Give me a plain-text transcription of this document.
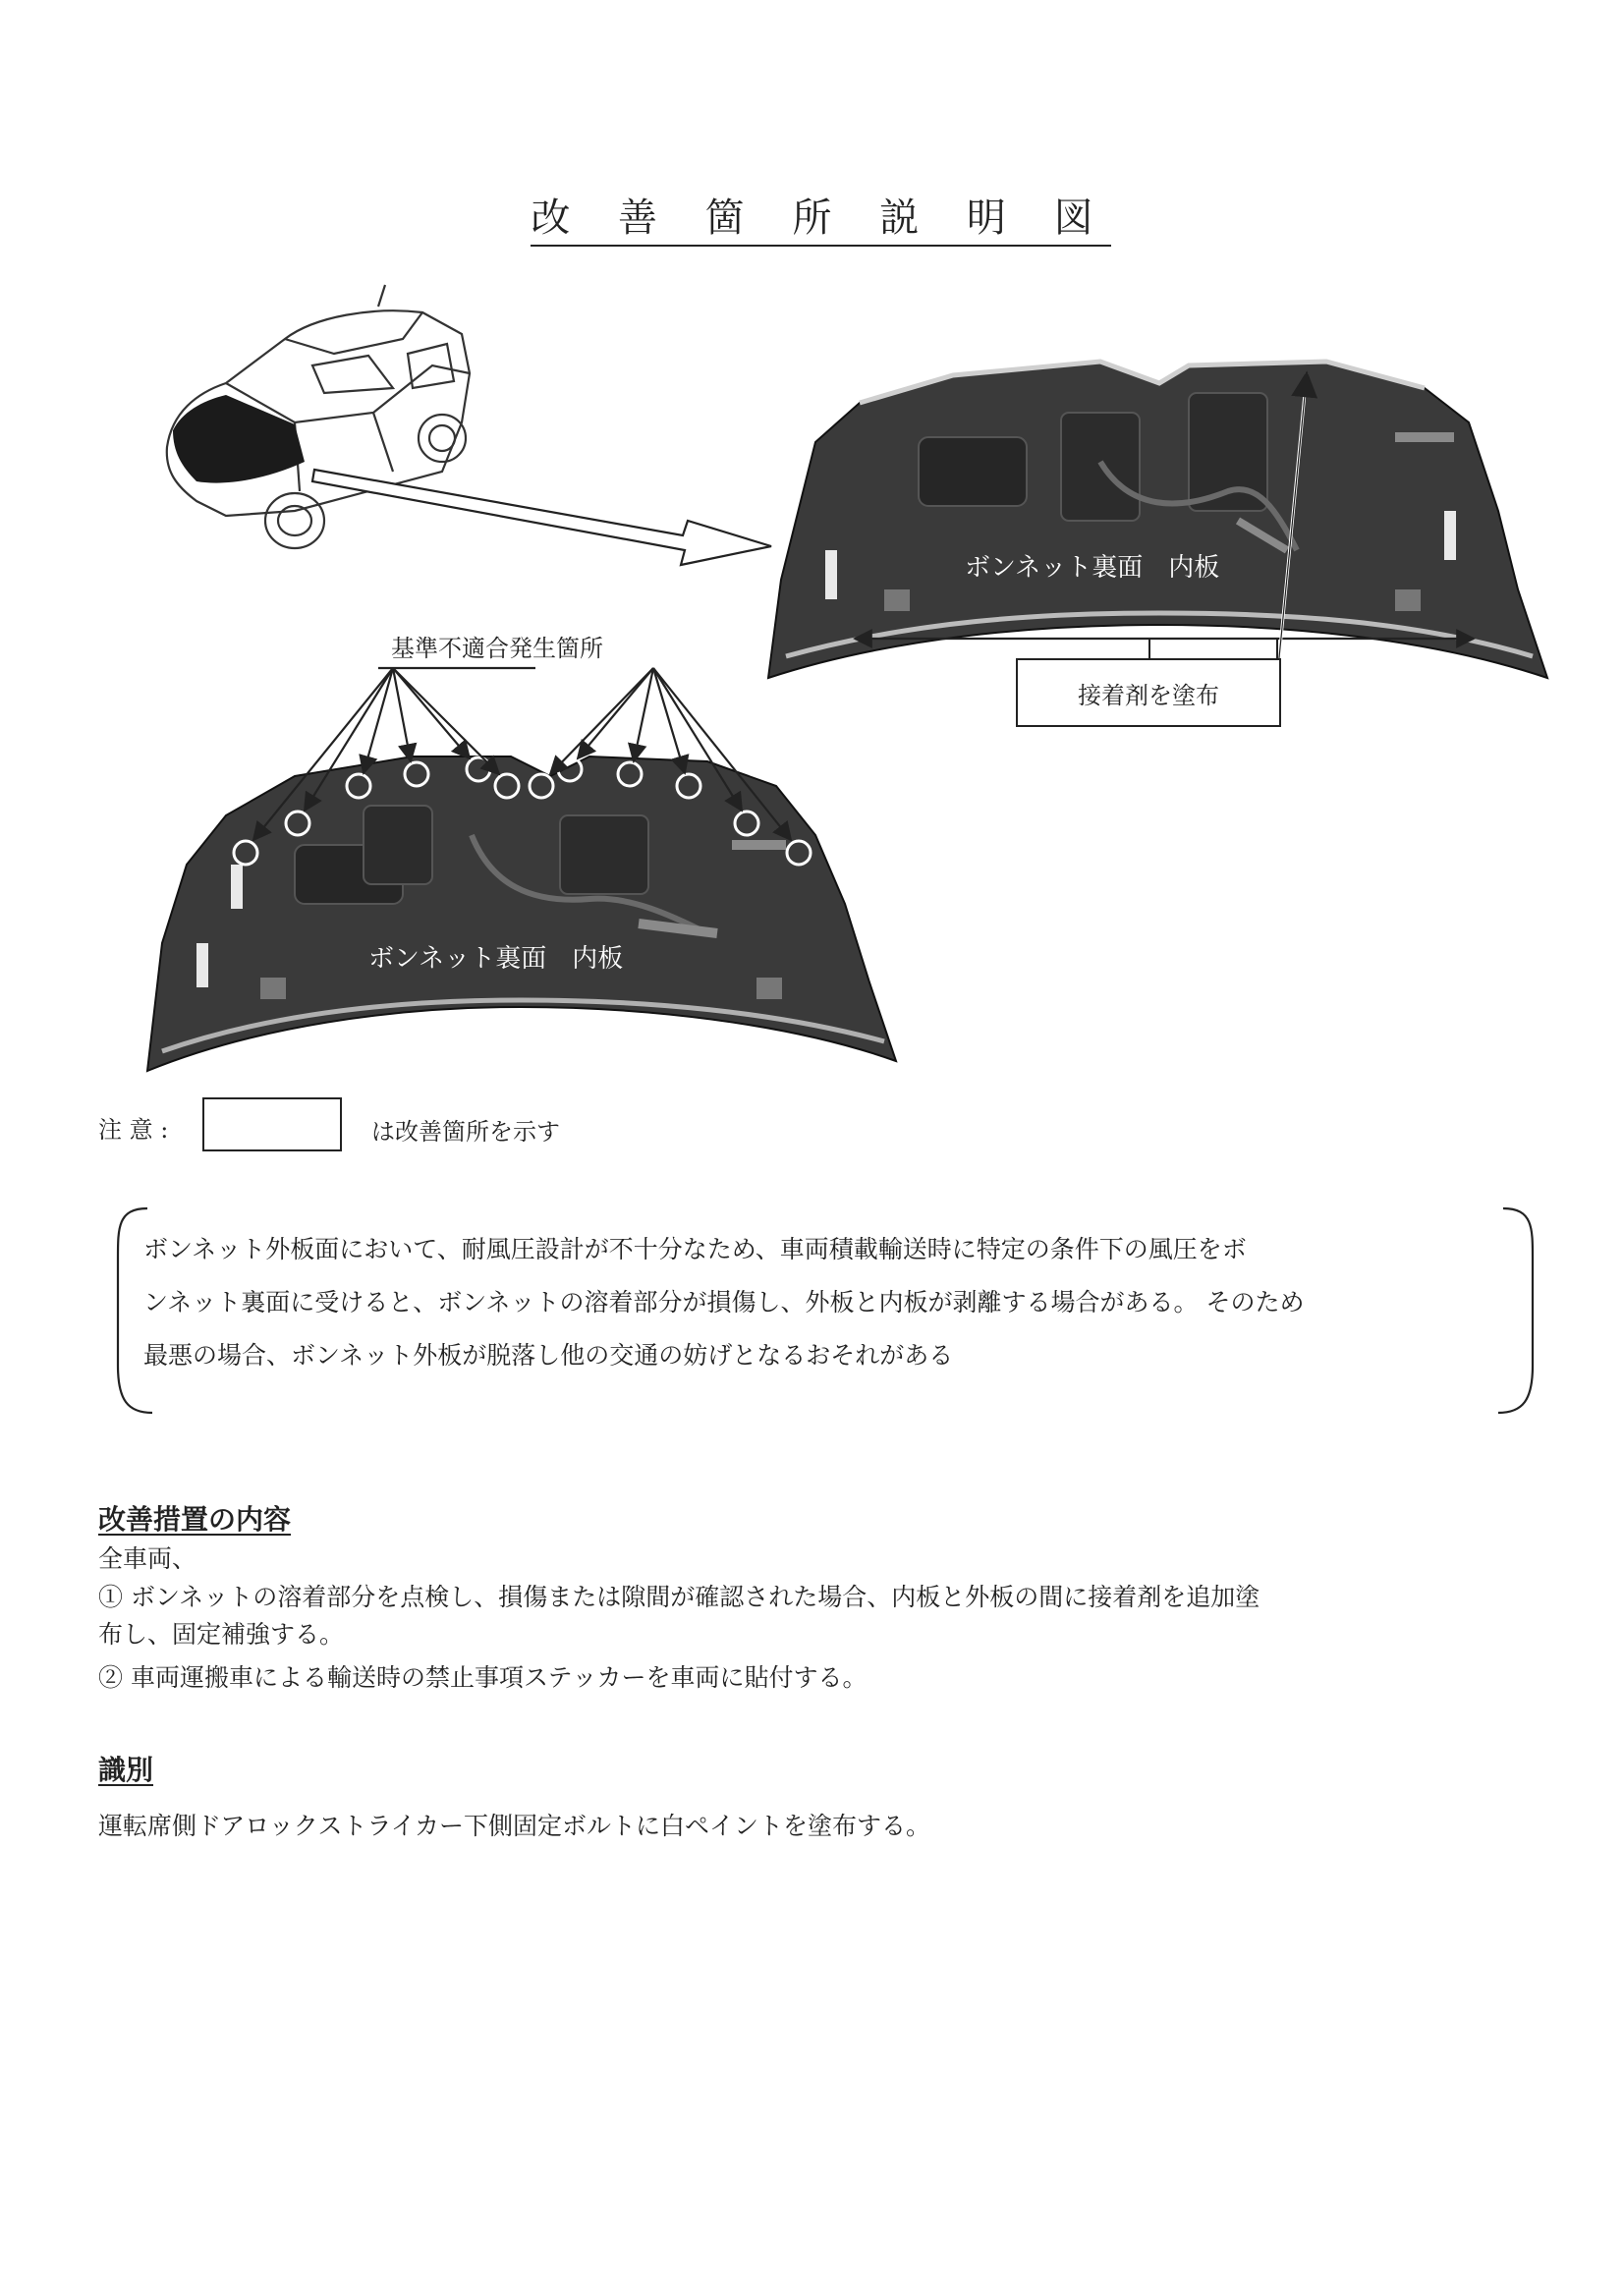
改 善 箇 所 説 明 図
ボンネット裏面　内板
ボンネット裏面　内板
基準不適合発生箇所
接着剤を塗布
注 意 :	は改善箇所を示す
ボンネット外板面において、耐風圧設計が不十分なため、車両積載輸送時に特定の条件下の風圧をボ
ンネット裏面に受けると、ボンネットの溶着部分が損傷し、外板と内板が剥離する場合がある。 そのため
最悪の場合、ボンネット外板が脱落し他の交通の妨げとなるおそれがある
改善措置の内容
全車両、
① ボンネットの溶着部分を点検し、損傷または隙間が確認された場合、内板と外板の間に接着剤を追加塗
布し、固定補強する。
② 車両運搬車による輸送時の禁止事項ステッカーを車両に貼付する。
識別
運転席側ドアロックストライカー下側固定ボルトに白ペイントを塗布する。
